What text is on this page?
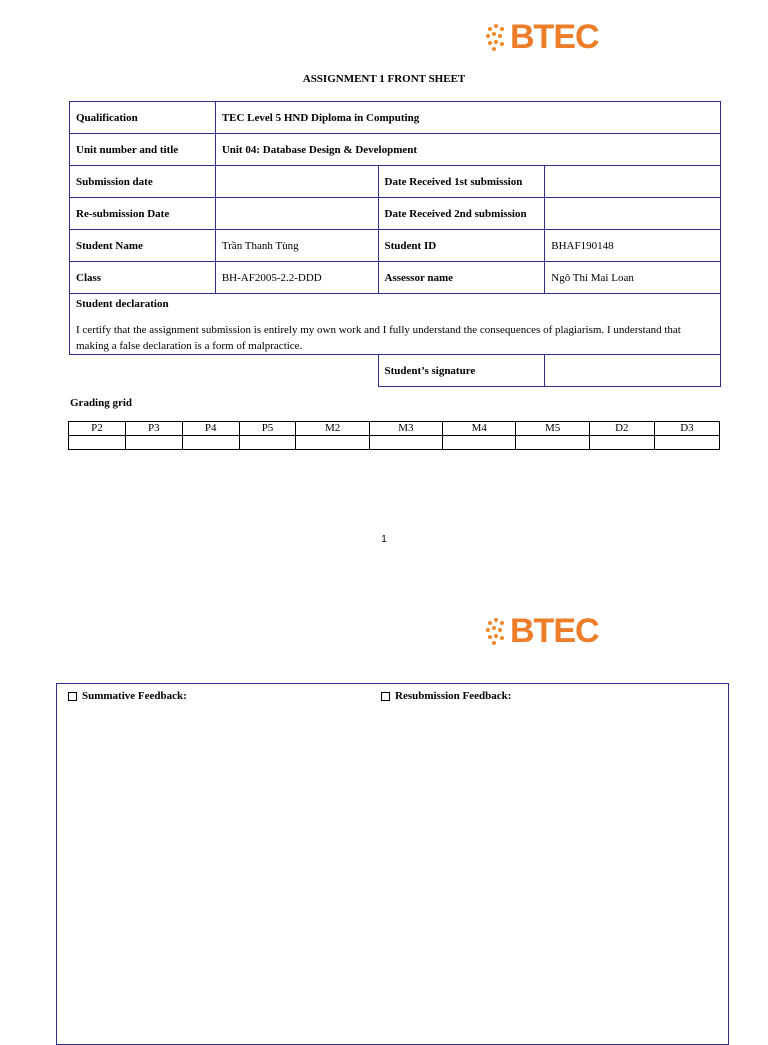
BTEC
ASSIGNMENT 1 FRONT SHEET
Qualification	TEC Level 5 HND Diploma in Computing		
Unit number and title	Unit 04: Database Design & Development		
Submission date		Date Received 1st submission	
Re-submission Date		Date Received 2nd submission	
Student Name	Trần Thanh Tùng	Student ID	BHAF190148
Class	BH-AF2005-2.2-DDD	Assessor name	Ngô Thi Mai Loan

Student declaration
I certify that the assignment submission is entirely my own work and I fully understand the consequences of plagiarism. I understand that making a false declaration is a form of malpractice.			

		Student’s signature	
Grading grid
P2	P3	P4	P5	M2	M3	M4	M5	D2	D3

1
BTEC
Summative Feedback:	Resubmission Feedback:
